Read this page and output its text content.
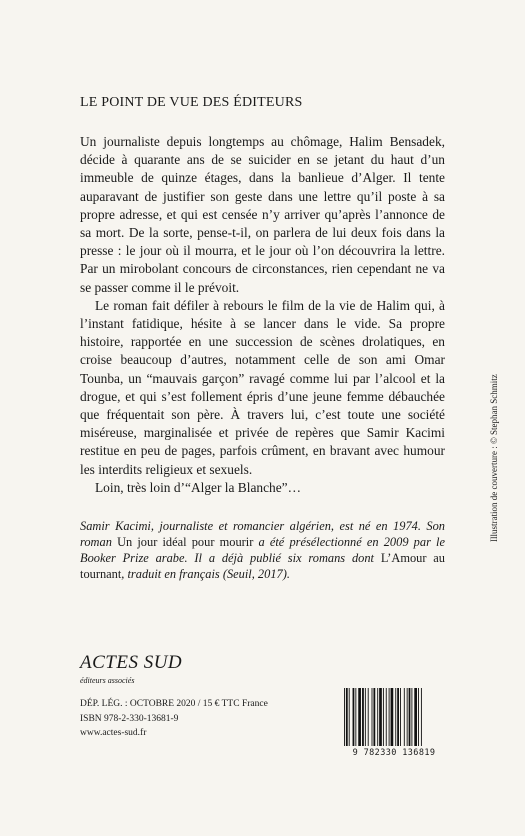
LE POINT DE VUE DES ÉDITEURS

Un journaliste depuis longtemps au chômage, Halim Bensadek, décide à quarante ans de se suicider en se jetant du haut d’un immeuble de quinze étages, dans la banlieue d’Alger. Il tente auparavant de justifier son geste dans une lettre qu’il poste à sa propre adresse, et qui est censée n’y arriver qu’après l’annonce de sa mort. De la sorte, pense-t-il, on parlera de lui deux fois dans la presse : le jour où il mourra, et le jour où l’on découvrira la lettre. Par un mirobolant concours de circonstances, rien cependant ne va se passer comme il le prévoit.

Le roman fait défiler à rebours le film de la vie de Halim qui, à l’instant fatidique, hésite à se lancer dans le vide. Sa propre histoire, rapportée en une succession de scènes drolatiques, en croise beaucoup d’autres, notamment celle de son ami Omar Tounba, un “mauvais garçon” ravagé comme lui par l’alcool et la drogue, et qui s’est follement épris d’une jeune femme débauchée que fréquentait son père. À travers lui, c’est toute une société miséreuse, marginalisée et privée de repères que Samir Kacimi restitue en peu de pages, parfois crûment, en bravant avec humour les interdits religieux et sexuels.

Loin, très loin d’“Alger la Blanche”…

Samir Kacimi, journaliste et romancier algérien, est né en 1974. Son roman Un jour idéal pour mourir a été présélectionné en 2009 par le Booker Prize arabe. Il a déjà publié six romans dont L’Amour au tournant, traduit en français (Seuil, 2017).
ACTES SUD
éditeurs associés
DÉP. LÉG. : OCTOBRE 2020 / 15 € TTC France
ISBN 978-2-330-13681-9
www.actes-sud.fr
9 782330 136819
Illustration de couverture : © Stephan Schmitz
